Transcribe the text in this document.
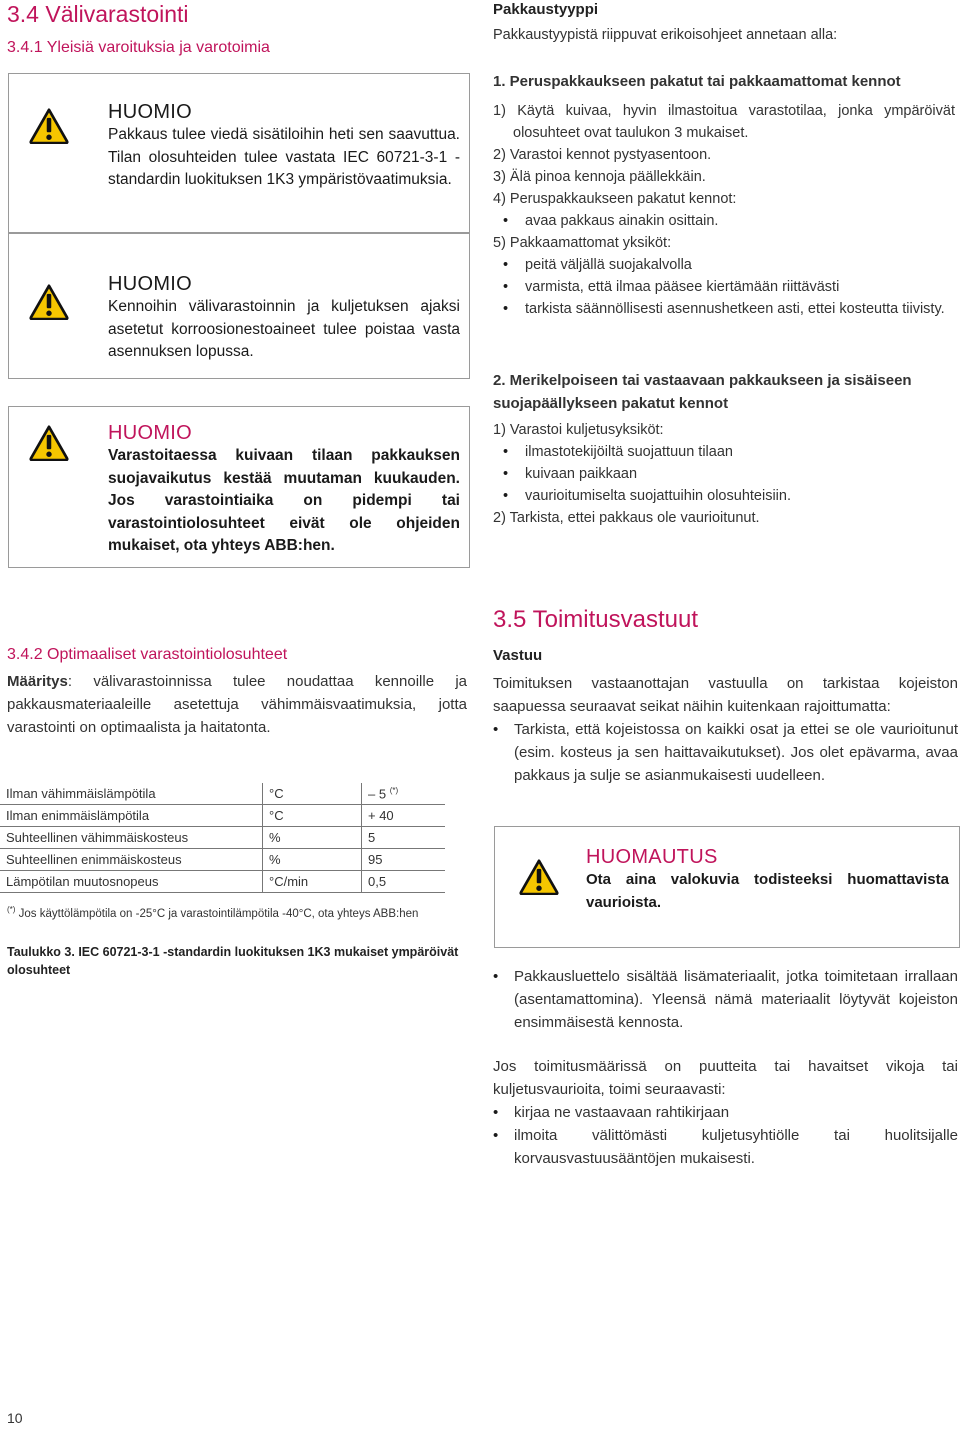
3.4 Välivarastointi
3.4.1 Yleisiä varoituksia ja varotoimia
HUOMIO
Pakkaus tulee viedä sisätiloihin heti sen saavuttua. Tilan olosuhteiden tulee vastata IEC 60721-3-1 -standardin luokituksen 1K3 ympäristövaatimuksia.
HUOMIO
Kennoihin välivarastoinnin ja kuljetuksen ajaksi asetetut korroosionestoaineet tulee poistaa vasta asennuksen lopussa.
HUOMIO
Varastoitaessa kuivaan tilaan pakkauksen suojavaikutus kestää muutaman kuukauden. Jos varastointiaika on pidempi tai varastointiolosuhteet eivät ole ohjeiden mukaiset, ota yhteys ABB:hen.
3.4.2 Optimaaliset varastointiolosuhteet
Määritys: välivarastoinnissa tulee noudattaa kennoille ja pakkausmateriaaleille asetettuja vähimmäisvaatimuksia, jotta varastointi on optimaalista ja haitatonta.
Ilman vähimmäislämpötila	°C	– 5 (*)
Ilman enimmäislämpötila	°C	+ 40
Suhteellinen vähimmäiskosteus	%	5
Suhteellinen enimmäiskosteus	%	95
Lämpötilan muutosnopeus	°C/min	0,5
(*) Jos käyttölämpötila on -25°C ja varastointilämpötila -40°C, ota yhteys ABB:hen
Taulukko 3. IEC 60721-3-1 -standardin luokituksen 1K3 mukaiset ympäröivät olosuhteet
10
Pakkaustyyppi
Pakkaustyypistä riippuvat erikoisohjeet annetaan alla:
1. Peruspakkaukseen pakatut tai pakkaamattomat kennot
1) Käytä kuivaa, hyvin ilmastoitua varastotilaa, jonka ympäröivät olosuhteet ovat taulukon 3 mukaiset.
2) Varastoi kennot pystyasentoon.
3) Älä pinoa kennoja päällekkäin.
4) Peruspakkaukseen pakatut kennot:
• avaa pakkaus ainakin osittain.
5) Pakkaamattomat yksiköt:
• peitä väljällä suojakalvolla
• varmista, että ilmaa pääsee kiertämään riittävästi
• tarkista säännöllisesti asennushetkeen asti, ettei kosteutta tiivisty.
2. Merikelpoiseen tai vastaavaan pakkaukseen ja sisäiseen suojapäällykseen pakatut kennot
1) Varastoi kuljetusyksiköt:
• ilmastotekijöiltä suojattuun tilaan
• kuivaan paikkaan
• vaurioitumiselta suojattuihin olosuhteisiin.
2) Tarkista, ettei pakkaus ole vaurioitunut.
3.5 Toimitusvastuut
Vastuu
Toimituksen vastaanottajan vastuulla on tarkistaa kojeiston saapuessa seuraavat seikat näihin kuitenkaan rajoittumatta:
• Tarkista, että kojeistossa on kaikki osat ja ettei se ole vaurioitunut (esim. kosteus ja sen haittavaikutukset). Jos olet epävarma, avaa pakkaus ja sulje se asianmukaisesti uudelleen.
HUOMAUTUS
Ota aina valokuvia todisteeksi huomattavista vaurioista.
• Pakkausluettelo sisältää lisämateriaalit, jotka toimitetaan irrallaan (asentamattomina). Yleensä nämä materiaalit löytyvät kojeiston ensimmäisestä kennosta.
Jos toimitusmäärissä on puutteita tai havaitset vikoja tai kuljetusvaurioita, toimi seuraavasti:
• kirjaa ne vastaavaan rahtikirjaan
• ilmoita välittömästi kuljetusyhtiölle tai huolitsijalle korvausvastuusääntöjen mukaisesti.
